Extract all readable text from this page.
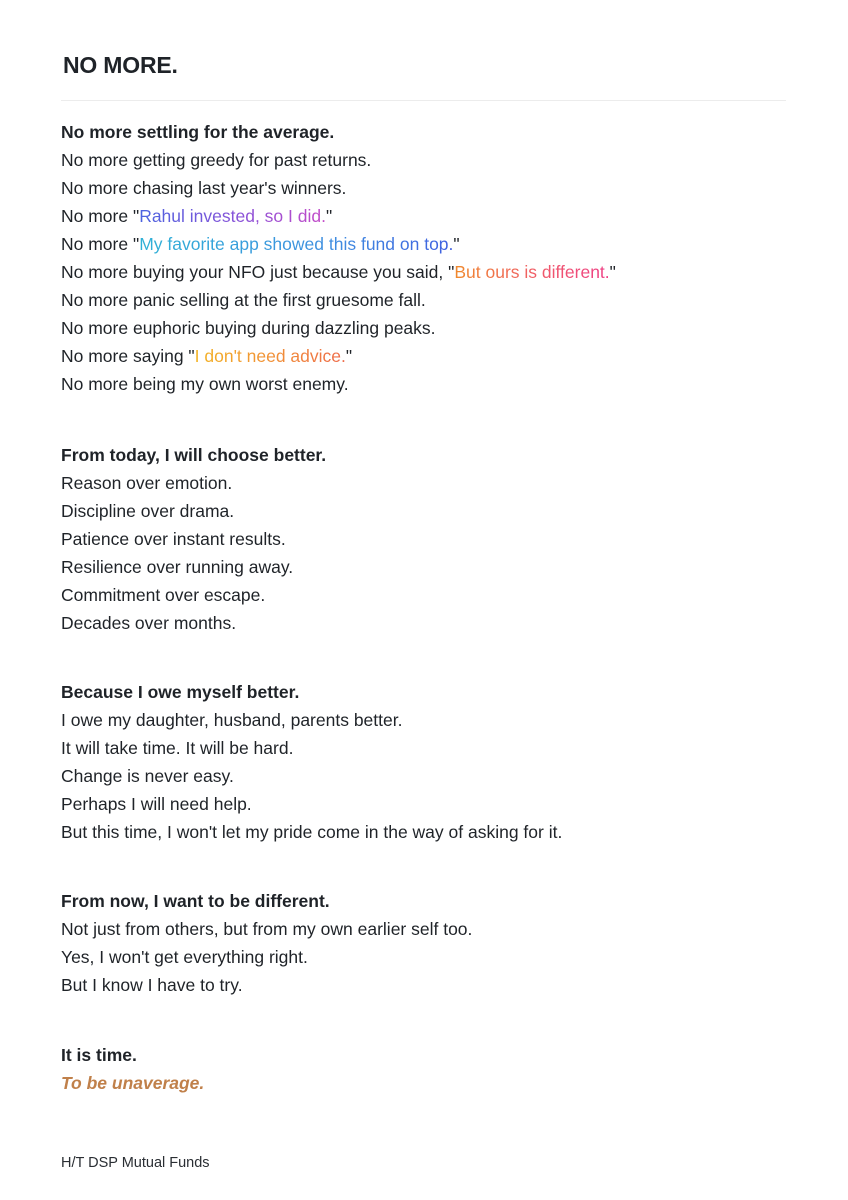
NO MORE.
No more settling for the average.
No more getting greedy for past returns.
No more chasing last year's winners.
No more "Rahul invested, so I did."
No more "My favorite app showed this fund on top."
No more buying your NFO just because you said, "But ours is different."
No more panic selling at the first gruesome fall.
No more euphoric buying during dazzling peaks.
No more saying "I don't need advice."
No more being my own worst enemy.
From today, I will choose better.
Reason over emotion.
Discipline over drama.
Patience over instant results.
Resilience over running away.
Commitment over escape.
Decades over months.
Because I owe myself better.
I owe my daughter, husband, parents better.
It will take time. It will be hard.
Change is never easy.
Perhaps I will need help.
But this time, I won't let my pride come in the way of asking for it.
From now, I want to be different.
Not just from others, but from my own earlier self too.
Yes, I won't get everything right.
But I know I have to try.
It is time.
To be unaverage.

H/T DSP Mutual Funds
